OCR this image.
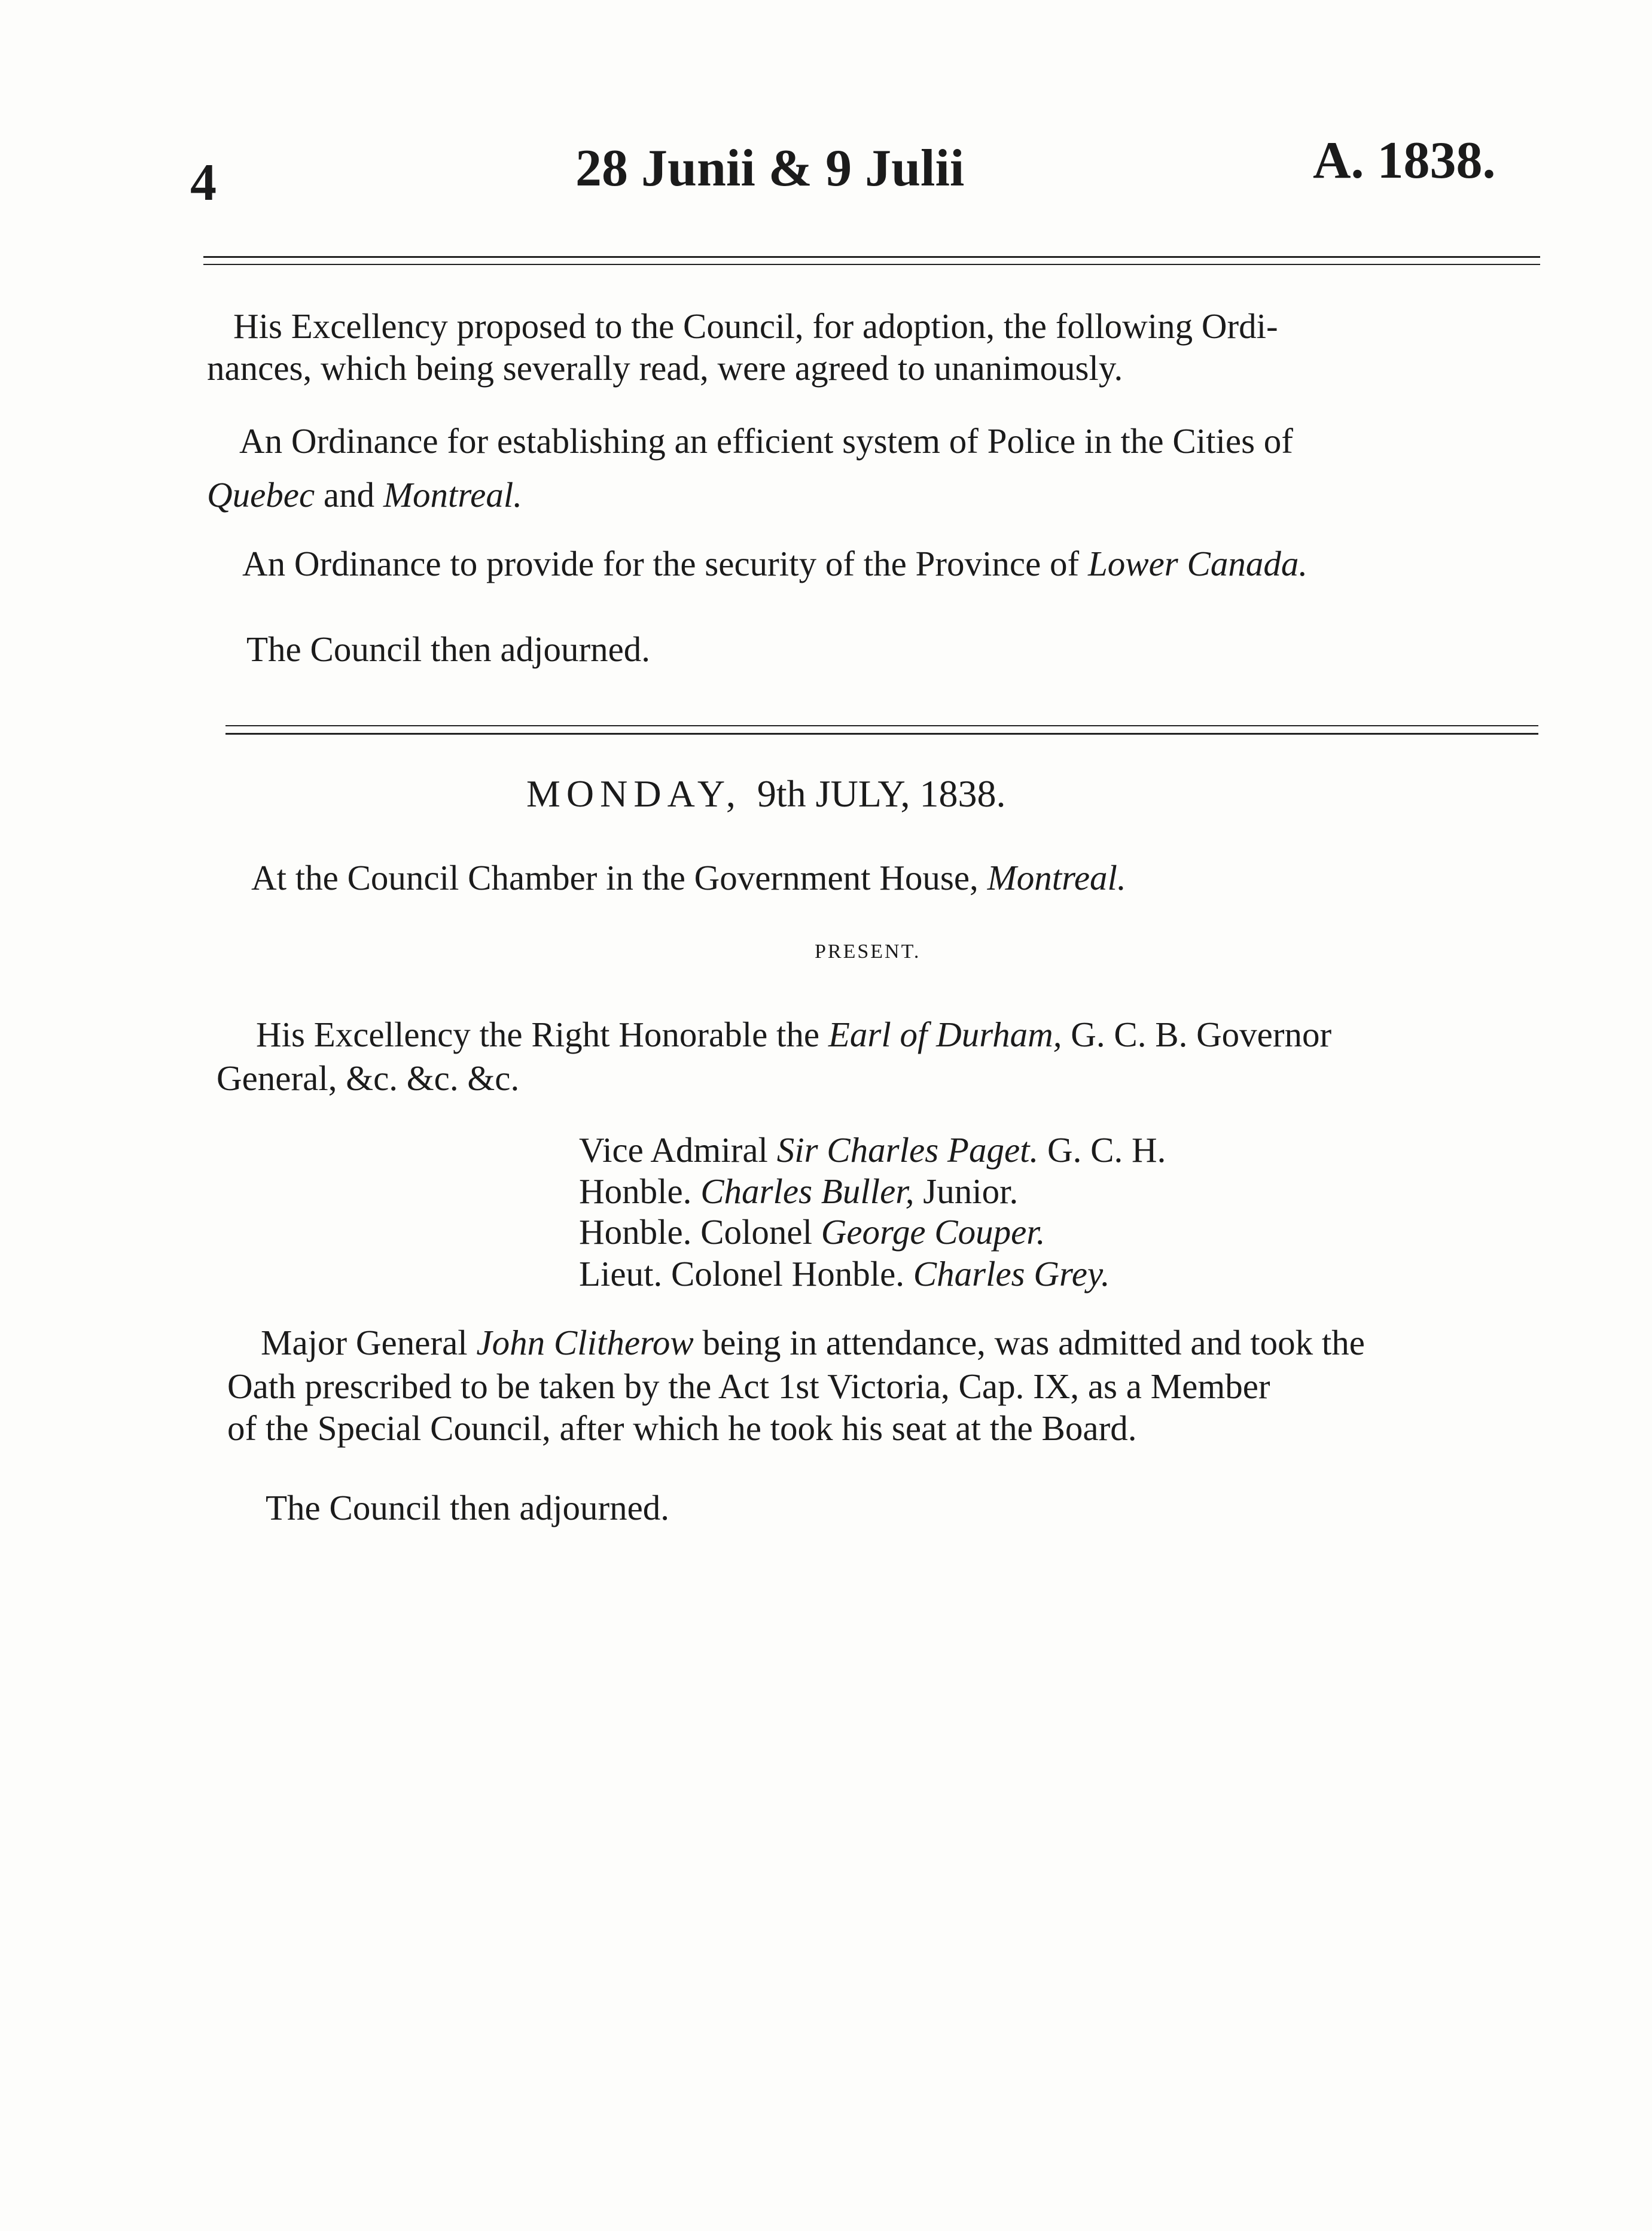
4	28 Junii & 9 Julii	A. 1838.
His Excellency proposed to the Council, for adoption, the following Ordi-
nances, which being severally read, were agreed to unanimously.
An Ordinance for establishing an efficient system of Police in the Cities of
Quebec and Montreal.
An Ordinance to provide for the security of the Province of Lower Canada.
The Council then adjourned.
MONDAY, 9th JULY, 1838.
At the Council Chamber in the Government House, Montreal.
PRESENT.
His Excellency the Right Honorable the Earl of Durham, G. C. B. Governor
General, &c. &c. &c.
Vice Admiral Sir Charles Paget. G. C. H.
Honble. Charles Buller, Junior.
Honble. Colonel George Couper.
Lieut. Colonel Honble. Charles Grey.
Major General John Clitherow being in attendance, was admitted and took the
Oath prescribed to be taken by the Act 1st Victoria, Cap. IX, as a Member
of the Special Council, after which he took his seat at the Board.
The Council then adjourned.
